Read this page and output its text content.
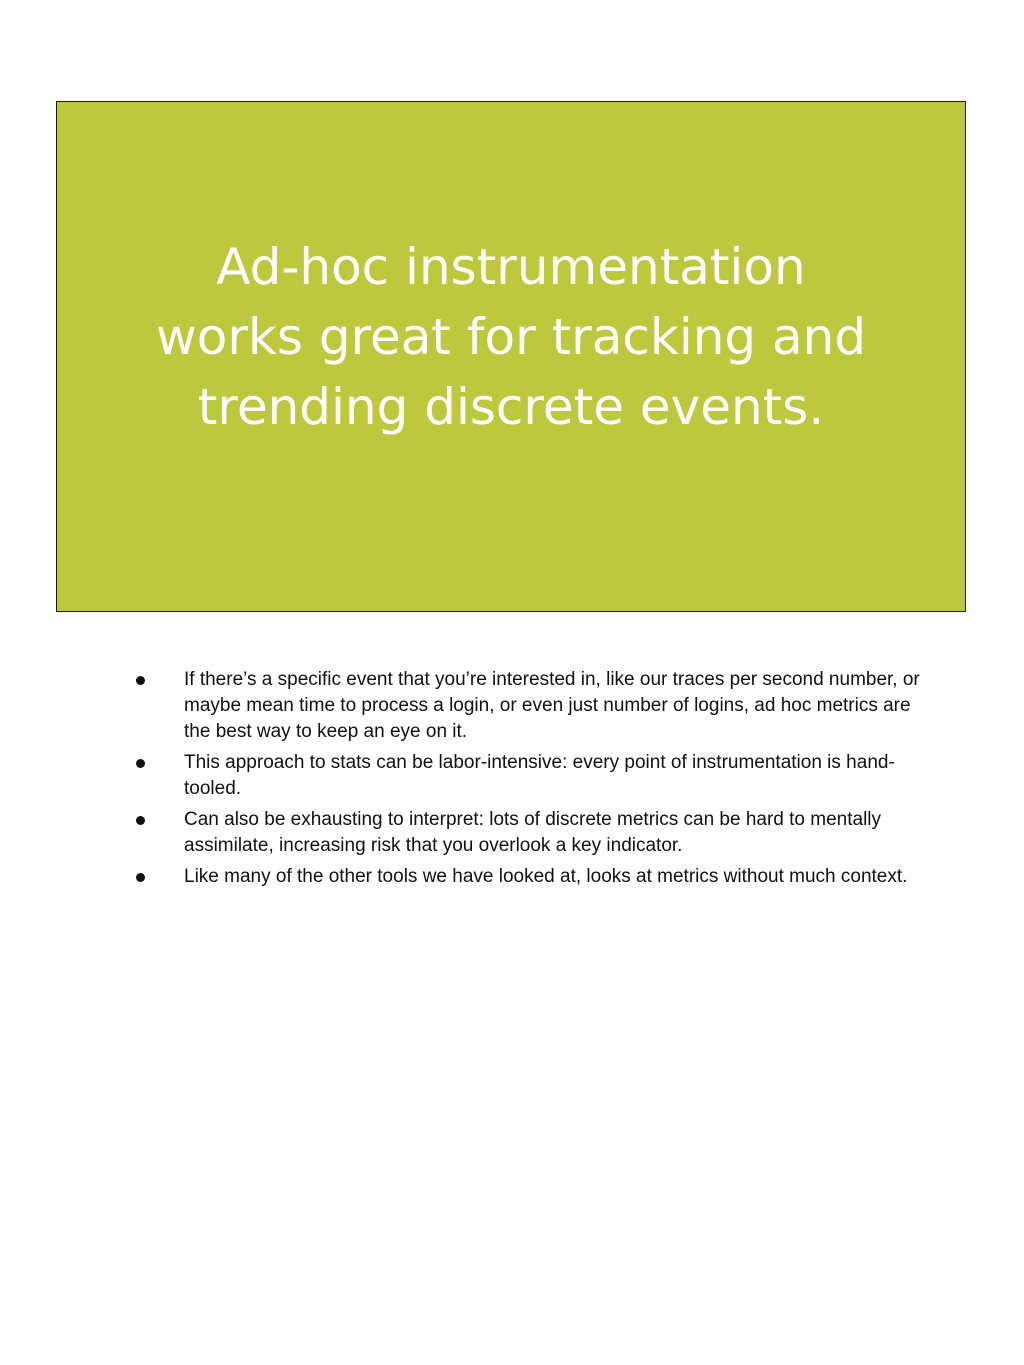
Ad-hoc instrumentation
works great for tracking and
trending discrete events.
If there’s a specific event that you’re interested in, like our traces per second number, or maybe mean time to process a login, or even just number of logins, ad hoc metrics are the best way to keep an eye on it.
This approach to stats can be labor-intensive: every point of instrumentation is hand-tooled.
Can also be exhausting to interpret: lots of discrete metrics can be hard to mentally assimilate, increasing risk that you overlook a key indicator.
Like many of the other tools we have looked at, looks at metrics without much context.
